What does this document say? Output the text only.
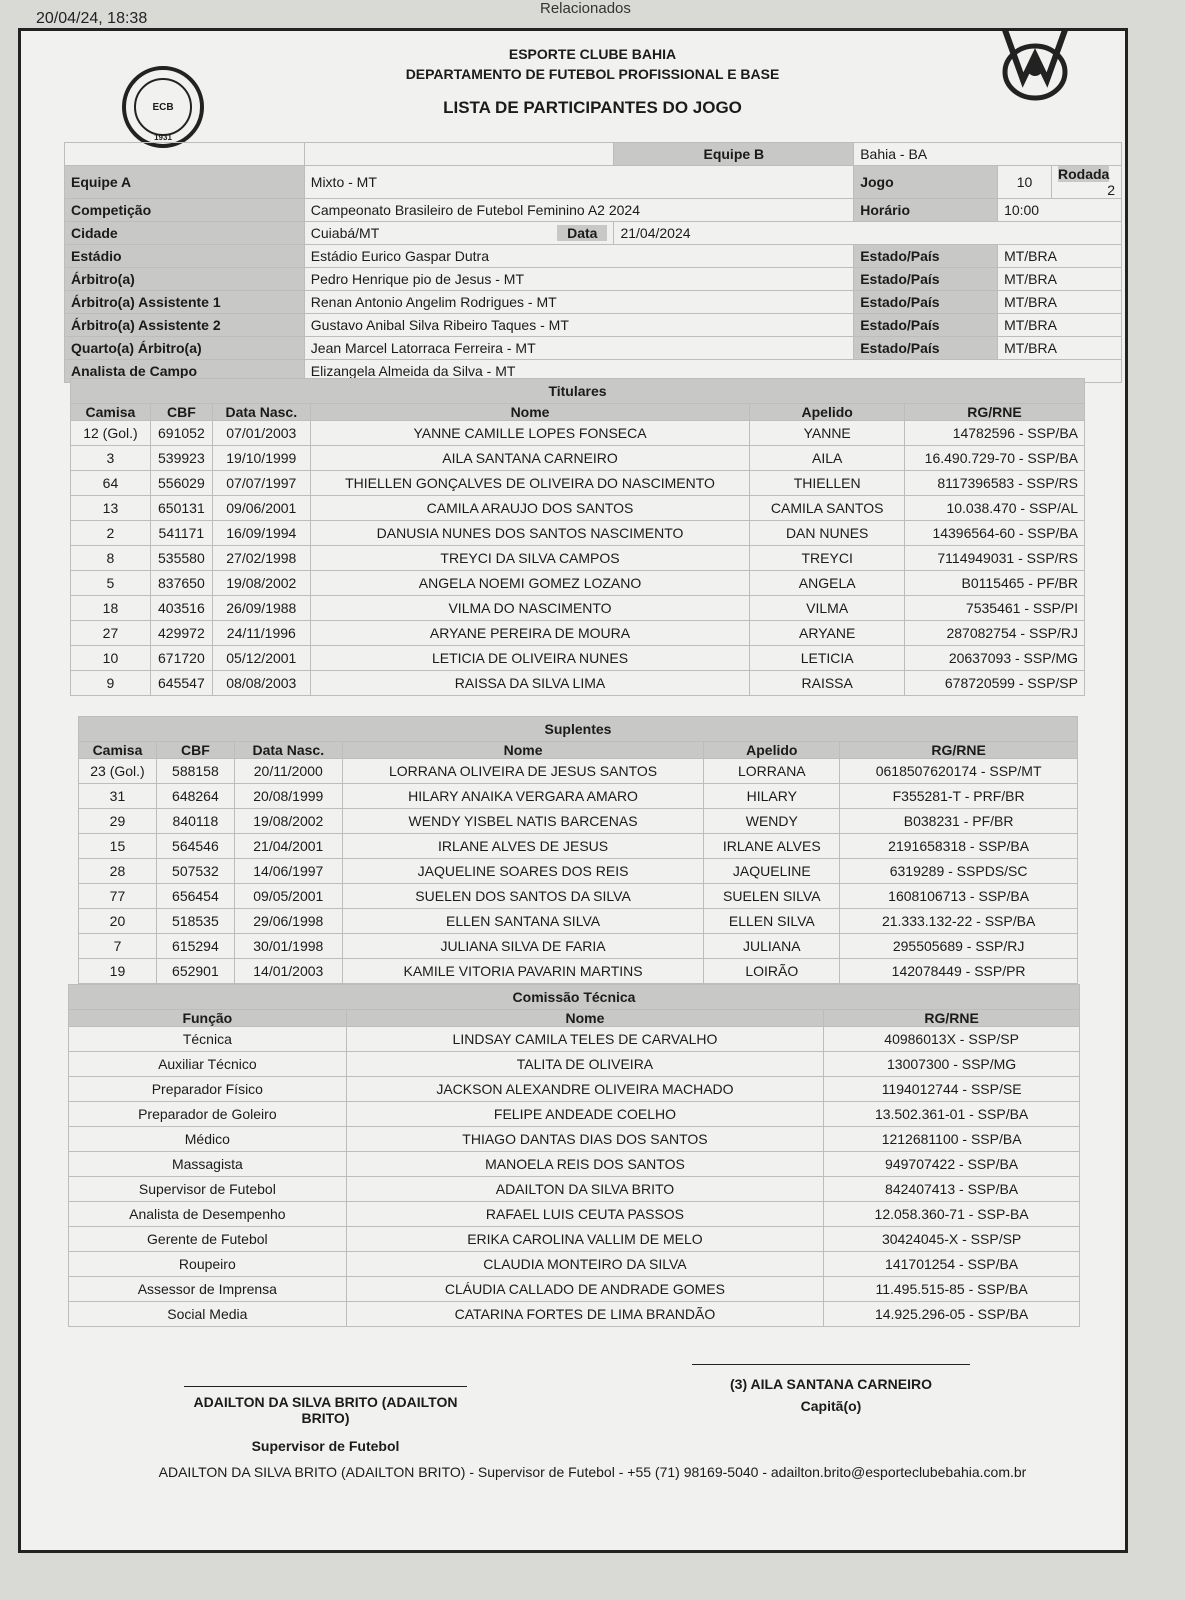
20/04/24, 18:38
Relacionados
ECB
1931
ESPORTE CLUBE BAHIA
DEPARTAMENTO DE FUTEBOL PROFISSIONAL E BASE
LISTA DE PARTICIPANTES DO JOGO
		Equipe B	Bahia - BA		
Equipe A	Mixto - MT		Jogo	10	Rodada
2

Competição	Campeonato Brasileiro de Futebol Feminino A2 2024		Horário	10:00	
Cidade	Cuiabá/MT Data	21/04/2024			
Estádio	Estádio Eurico Gaspar Dutra		Estado/País	MT/BRA	
Árbitro(a)	Pedro Henrique pio de Jesus - MT		Estado/País	MT/BRA	
Árbitro(a) Assistente 1	Renan Antonio Angelim Rodrigues - MT		Estado/País	MT/BRA	
Árbitro(a) Assistente 2	Gustavo Anibal Silva Ribeiro Taques - MT		Estado/País	MT/BRA	
Quarto(a) Árbitro(a)	Jean Marcel Latorraca Ferreira - MT		Estado/País	MT/BRA	
Analista de Campo	Elizangela Almeida da Silva - MT				
Titulares					
Camisa	CBF	Data Nasc.	Nome	Apelido	RG/RNE
12 (Gol.)	691052	07/01/2003	YANNE CAMILLE LOPES FONSECA	YANNE	14782596 - SSP/BA
3	539923	19/10/1999	AILA SANTANA CARNEIRO	AILA	16.490.729-70 - SSP/BA
64	556029	07/07/1997	THIELLEN GONÇALVES DE OLIVEIRA DO NASCIMENTO	THIELLEN	8117396583 - SSP/RS
13	650131	09/06/2001	CAMILA ARAUJO DOS SANTOS	CAMILA SANTOS	10.038.470 - SSP/AL
2	541171	16/09/1994	DANUSIA NUNES DOS SANTOS NASCIMENTO	DAN NUNES	14396564-60 - SSP/BA
8	535580	27/02/1998	TREYCI DA SILVA CAMPOS	TREYCI	7114949031 - SSP/RS
5	837650	19/08/2002	ANGELA NOEMI GOMEZ LOZANO	ANGELA	B0115465 - PF/BR
18	403516	26/09/1988	VILMA DO NASCIMENTO	VILMA	7535461 - SSP/PI
27	429972	24/11/1996	ARYANE PEREIRA DE MOURA	ARYANE	287082754 - SSP/RJ
10	671720	05/12/2001	LETICIA DE OLIVEIRA NUNES	LETICIA	20637093 - SSP/MG
9	645547	08/08/2003	RAISSA DA SILVA LIMA	RAISSA	678720599 - SSP/SP
Suplentes					
Camisa	CBF	Data Nasc.	Nome	Apelido	RG/RNE
23 (Gol.)	588158	20/11/2000	LORRANA OLIVEIRA DE JESUS SANTOS	LORRANA	0618507620174 - SSP/MT
31	648264	20/08/1999	HILARY ANAIKA VERGARA AMARO	HILARY	F355281-T - PRF/BR
29	840118	19/08/2002	WENDY YISBEL NATIS BARCENAS	WENDY	B038231 - PF/BR
15	564546	21/04/2001	IRLANE ALVES DE JESUS	IRLANE ALVES	2191658318 - SSP/BA
28	507532	14/06/1997	JAQUELINE SOARES DOS REIS	JAQUELINE	6319289 - SSPDS/SC
77	656454	09/05/2001	SUELEN DOS SANTOS DA SILVA	SUELEN SILVA	1608106713 - SSP/BA
20	518535	29/06/1998	ELLEN SANTANA SILVA	ELLEN SILVA	21.333.132-22 - SSP/BA
7	615294	30/01/1998	JULIANA SILVA DE FARIA	JULIANA	295505689 - SSP/RJ
19	652901	14/01/2003	KAMILE VITORIA PAVARIN MARTINS	LOIRÃO	142078449 - SSP/PR
Comissão Técnica		
Função	Nome	RG/RNE
Técnica	LINDSAY CAMILA TELES DE CARVALHO	40986013X - SSP/SP
Auxiliar Técnico	TALITA DE OLIVEIRA	13007300 - SSP/MG
Preparador Físico	JACKSON ALEXANDRE OLIVEIRA MACHADO	1194012744 - SSP/SE
Preparador de Goleiro	FELIPE ANDEADE COELHO	13.502.361-01 - SSP/BA
Médico	THIAGO DANTAS DIAS DOS SANTOS	1212681100 - SSP/BA
Massagista	MANOELA REIS DOS SANTOS	949707422 - SSP/BA
Supervisor de Futebol	ADAILTON DA SILVA BRITO	842407413 - SSP/BA
Analista de Desempenho	RAFAEL LUIS CEUTA PASSOS	12.058.360-71 - SSP-BA
Gerente de Futebol	ERIKA CAROLINA VALLIM DE MELO	30424045-X - SSP/SP
Roupeiro	CLAUDIA MONTEIRO DA SILVA	141701254 - SSP/BA
Assessor de Imprensa	CLÁUDIA CALLADO DE ANDRADE GOMES	11.495.515-85 - SSP/BA
Social Media	CATARINA FORTES DE LIMA BRANDÃO	14.925.296-05 - SSP/BA
ADAILTON DA SILVA BRITO (ADAILTON BRITO)
Supervisor de Futebol
(3) AILA SANTANA CARNEIRO
Capitã(o)
ADAILTON DA SILVA BRITO (ADAILTON BRITO) - Supervisor de Futebol - +55 (71) 98169-5040 - adailton.brito@esporteclubebahia.com.br
